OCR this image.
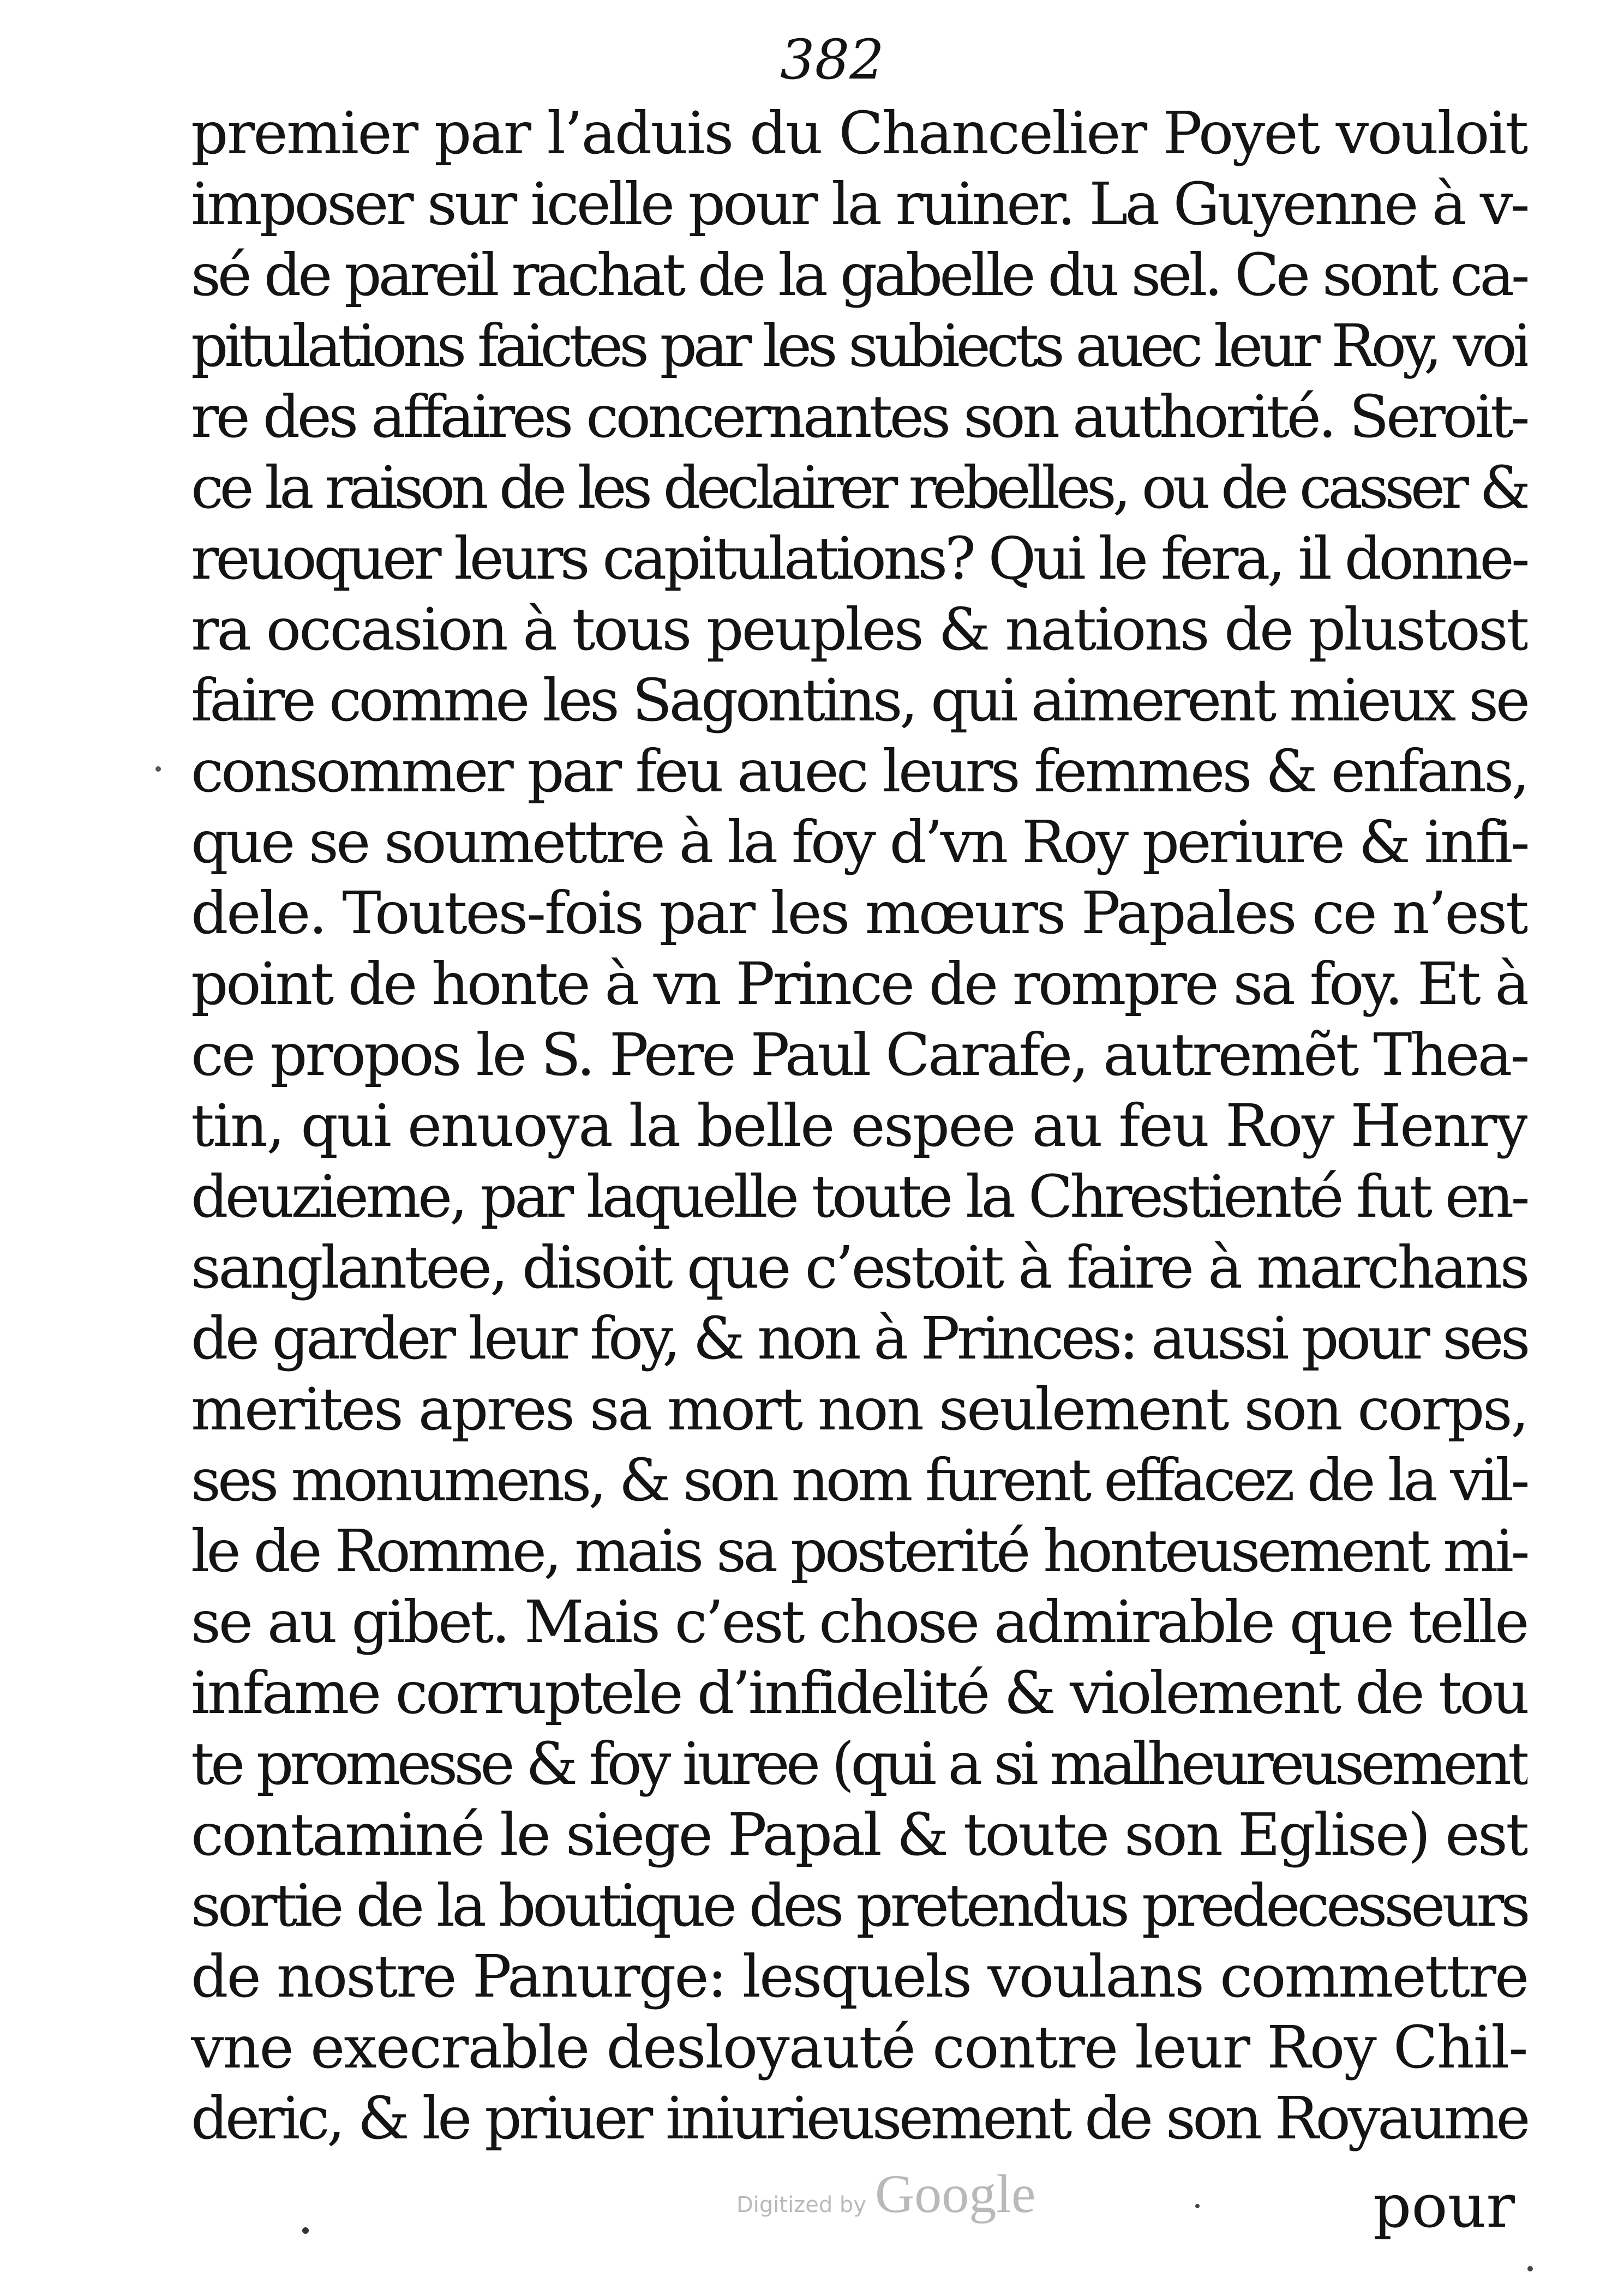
382
premier par l’aduis du Chancelier Poyet vouloit
imposer sur icelle pour la ruiner. La Guyenne à v-
sé de pareil rachat de la gabelle du sel. Ce sont ca-
pitulations faictes par les subiects auec leur Roy, voi
re des affaires concernantes son authorité. Seroit-
ce la raison de les declairer rebelles, ou de casser &
reuoquer leurs capitulations? Qui le fera, il donne-
ra occasion à tous peuples & nations de plustost
faire comme les Sagontins, qui aimerent mieux se
consommer par feu auec leurs femmes & enfans,
que se soumettre à la foy d’vn Roy periure & infi-
dele. Toutes-fois par les mœurs Papales ce n’est
point de honte à vn Prince de rompre sa foy. Et à
ce propos le S. Pere Paul Carafe, autremẽt Thea-
tin, qui enuoya la belle espee au feu Roy Henry
deuzieme, par laquelle toute la Chrestienté fut en-
sanglantee, disoit que c’estoit à faire à marchans
de garder leur foy, & non à Princes: aussi pour ses
merites apres sa mort non seulement son corps,
ses monumens, & son nom furent effacez de la vil-
le de Romme, mais sa posterité honteusement mi-
se au gibet. Mais c’est chose admirable que telle
infame corruptele d’infidelité & violement de tou
te promesse & foy iuree (qui a si malheureusement
contaminé le siege Papal & toute son Eglise) est
sortie de la boutique des pretendus predecesseurs
de nostre Panurge: lesquels voulans commettre
vne execrable desloyauté contre leur Roy Chil-
deric, & le priuer iniurieusement de son Royaume
pour
Digitized by Google
